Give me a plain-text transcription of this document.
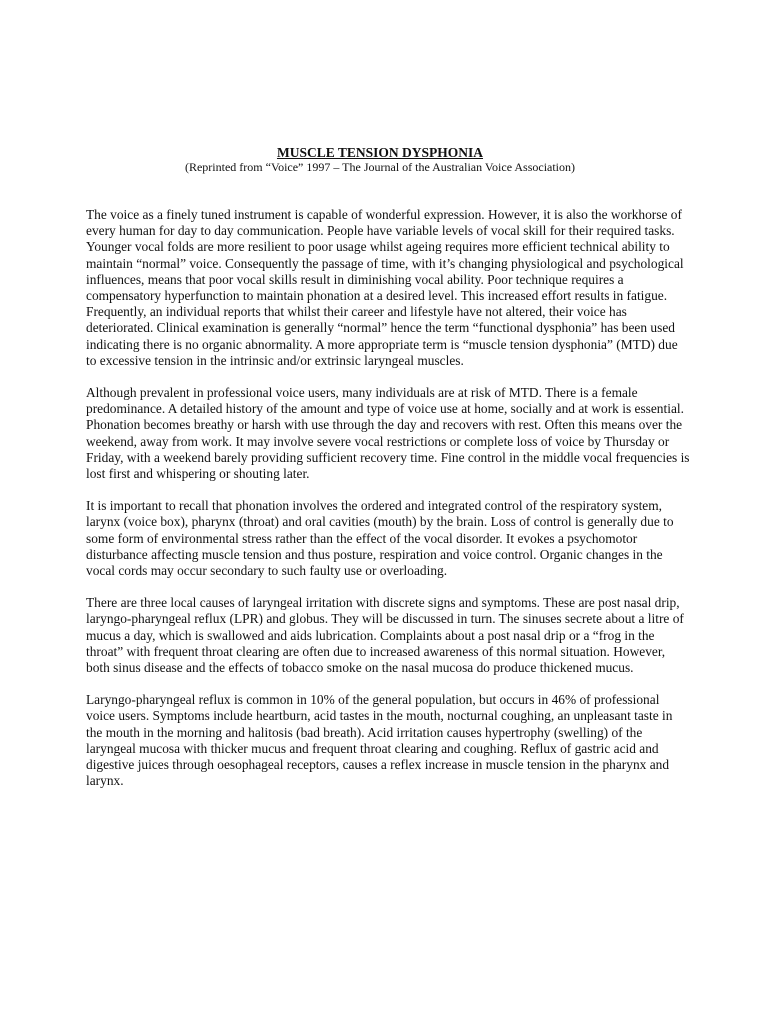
MUSCLE TENSION DYSPHONIA

(Reprinted from “Voice” 1997 – The Journal of the Australian Voice Association)

The voice as a finely tuned instrument is capable of wonderful expression. However, it is also the workhorse of every human for day to day communication. People have variable levels of vocal skill for their required tasks. Younger vocal folds are more resilient to poor usage whilst ageing requires more efficient technical ability to maintain “normal” voice. Consequently the passage of time, with it’s changing physiological and psychological influences, means that poor vocal skills result in diminishing vocal ability. Poor technique requires a compensatory hyperfunction to maintain phonation at a desired level. This increased effort results in fatigue. Frequently, an individual reports that whilst their career and lifestyle have not altered, their voice has deteriorated. Clinical examination is generally “normal” hence the term “functional dysphonia” has been used indicating there is no organic abnormality. A more appropriate term is “muscle tension dysphonia” (MTD) due to excessive tension in the intrinsic and/or extrinsic laryngeal muscles.

Although prevalent in professional voice users, many individuals are at risk of MTD. There is a female predominance. A detailed history of the amount and type of voice use at home, socially and at work is essential. Phonation becomes breathy or harsh with use through the day and recovers with rest. Often this means over the weekend, away from work. It may involve severe vocal restrictions or complete loss of voice by Thursday or Friday, with a weekend barely providing sufficient recovery time. Fine control in the middle vocal frequencies is lost first and whispering or shouting later.

It is important to recall that phonation involves the ordered and integrated control of the respiratory system, larynx (voice box), pharynx (throat) and oral cavities (mouth) by the brain. Loss of control is generally due to some form of environmental stress rather than the effect of the vocal disorder. It evokes a psychomotor disturbance affecting muscle tension and thus posture, respiration and voice control. Organic changes in the vocal cords may occur secondary to such faulty use or overloading.

There are three local causes of laryngeal irritation with discrete signs and symptoms. These are post nasal drip, laryngo-pharyngeal reflux (LPR) and globus. They will be discussed in turn. The sinuses secrete about a litre of mucus a day, which is swallowed and aids lubrication. Complaints about a post nasal drip or a “frog in the throat” with frequent throat clearing are often due to increased awareness of this normal situation. However, both sinus disease and the effects of tobacco smoke on the nasal mucosa do produce thickened mucus.

Laryngo-pharyngeal reflux is common in 10% of the general population, but occurs in 46% of professional voice users. Symptoms include heartburn, acid tastes in the mouth, nocturnal coughing, an unpleasant taste in the mouth in the morning and halitosis (bad breath). Acid irritation causes hypertrophy (swelling) of the laryngeal mucosa with thicker mucus and frequent throat clearing and coughing. Reflux of gastric acid and digestive juices through oesophageal receptors, causes a reflex increase in muscle tension in the pharynx and larynx.
